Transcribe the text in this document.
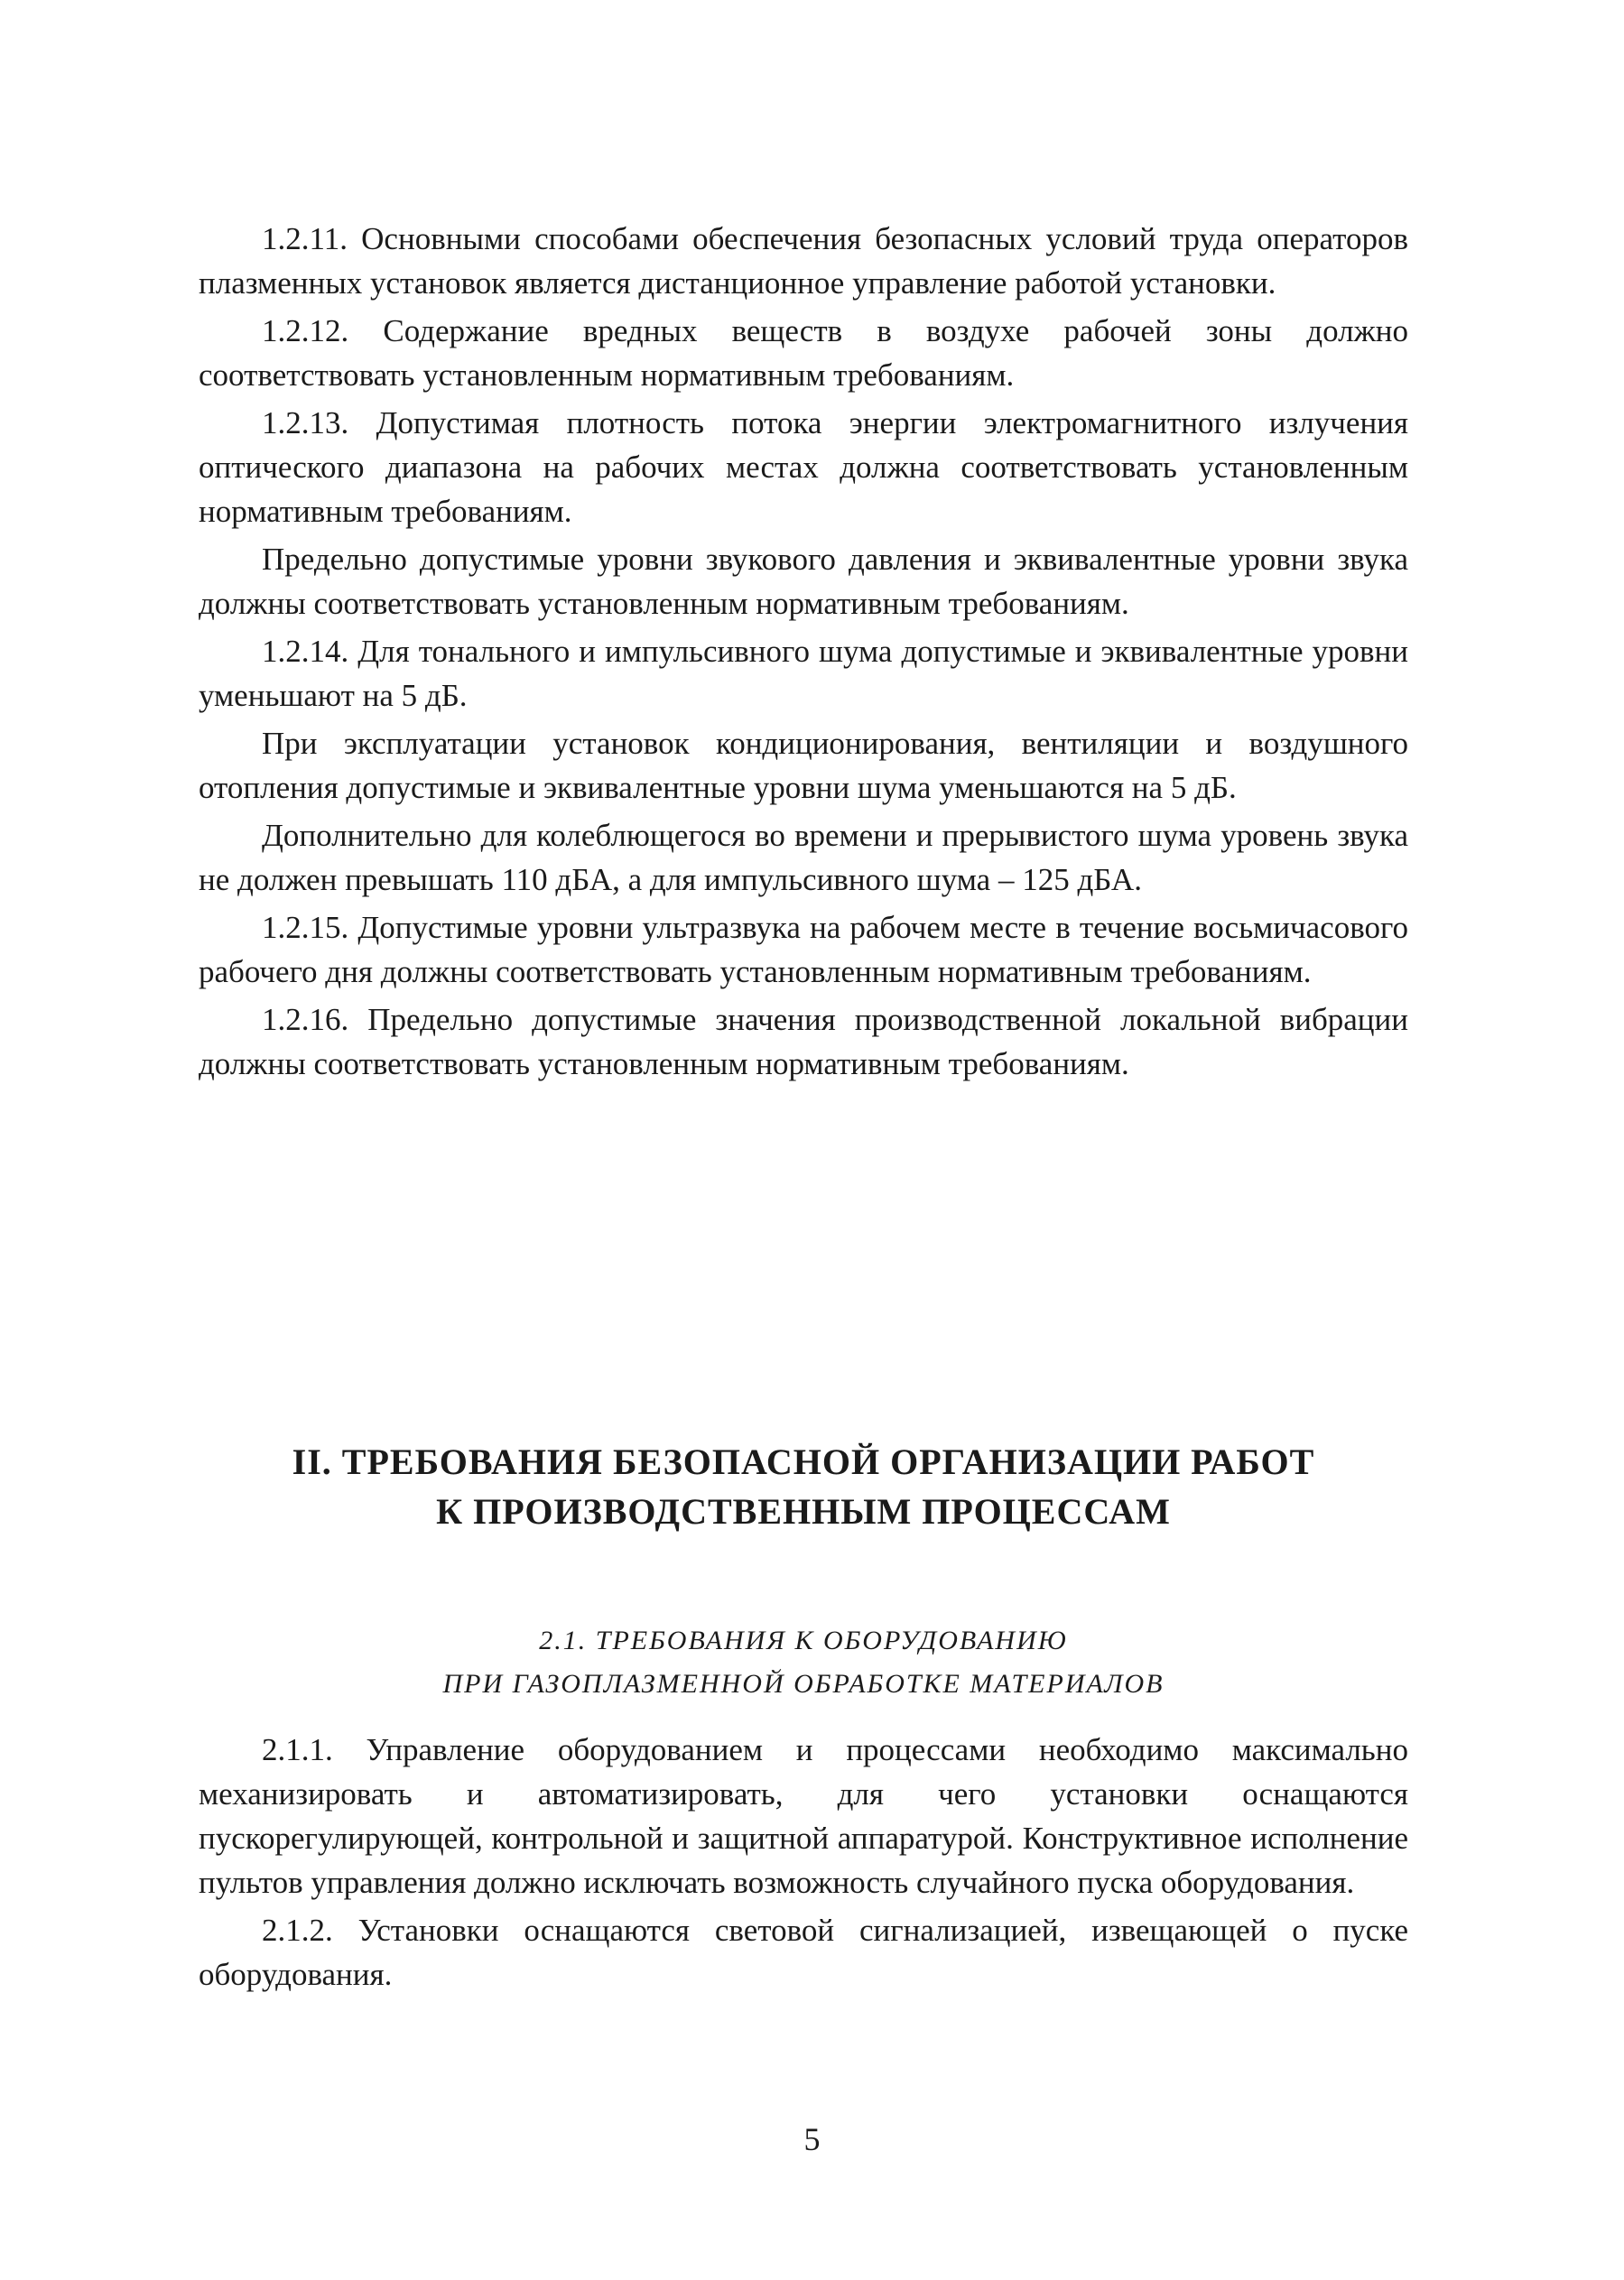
1.2.11. Основными способами обеспечения безопасных условий труда операторов плазменных установок является дистанционное управление работой установки.

1.2.12. Содержание вредных веществ в воздухе рабочей зоны должно соответствовать установленным нормативным требованиям.

1.2.13. Допустимая плотность потока энергии электромагнитного излучения оптического диапазона на рабочих местах должна соответствовать установленным нормативным требованиям.

Предельно допустимые уровни звукового давления и эквивалентные уровни звука должны соответствовать установленным нормативным требованиям.

1.2.14. Для тонального и импульсивного шума допустимые и эквивалентные уровни уменьшают на 5 дБ.

При эксплуатации установок кондиционирования, вентиляции и воздушного отопления допустимые и эквивалентные уровни шума уменьшаются на 5 дБ.

Дополнительно для колеблющегося во времени и прерывистого шума уровень звука не должен превышать 110 дБА, а для импульсивного шума – 125 дБА.

1.2.15. Допустимые уровни ультразвука на рабочем месте в течение восьмичасового рабочего дня должны соответствовать установленным нормативным требованиям.

1.2.16. Предельно допустимые значения производственной локальной вибрации должны соответствовать установленным нормативным требованиям.

II. ТРЕБОВАНИЯ БЕЗОПАСНОЙ ОРГАНИЗАЦИИ РАБОТ
К ПРОИЗВОДСТВЕННЫМ ПРОЦЕССАМ
2.1. ТРЕБОВАНИЯ К ОБОРУДОВАНИЮ
ПРИ ГАЗОПЛАЗМЕННОЙ ОБРАБОТКЕ МАТЕРИАЛОВ

2.1.1. Управление оборудованием и процессами необходимо максимально механизировать и автоматизировать, для чего установки оснащаются пускорегулирующей, контрольной и защитной аппаратурой. Конструктивное исполнение пультов управления должно исключать возможность случайного пуска оборудования.

2.1.2. Установки оснащаются световой сигнализацией, извещающей о пуске оборудования.

5
